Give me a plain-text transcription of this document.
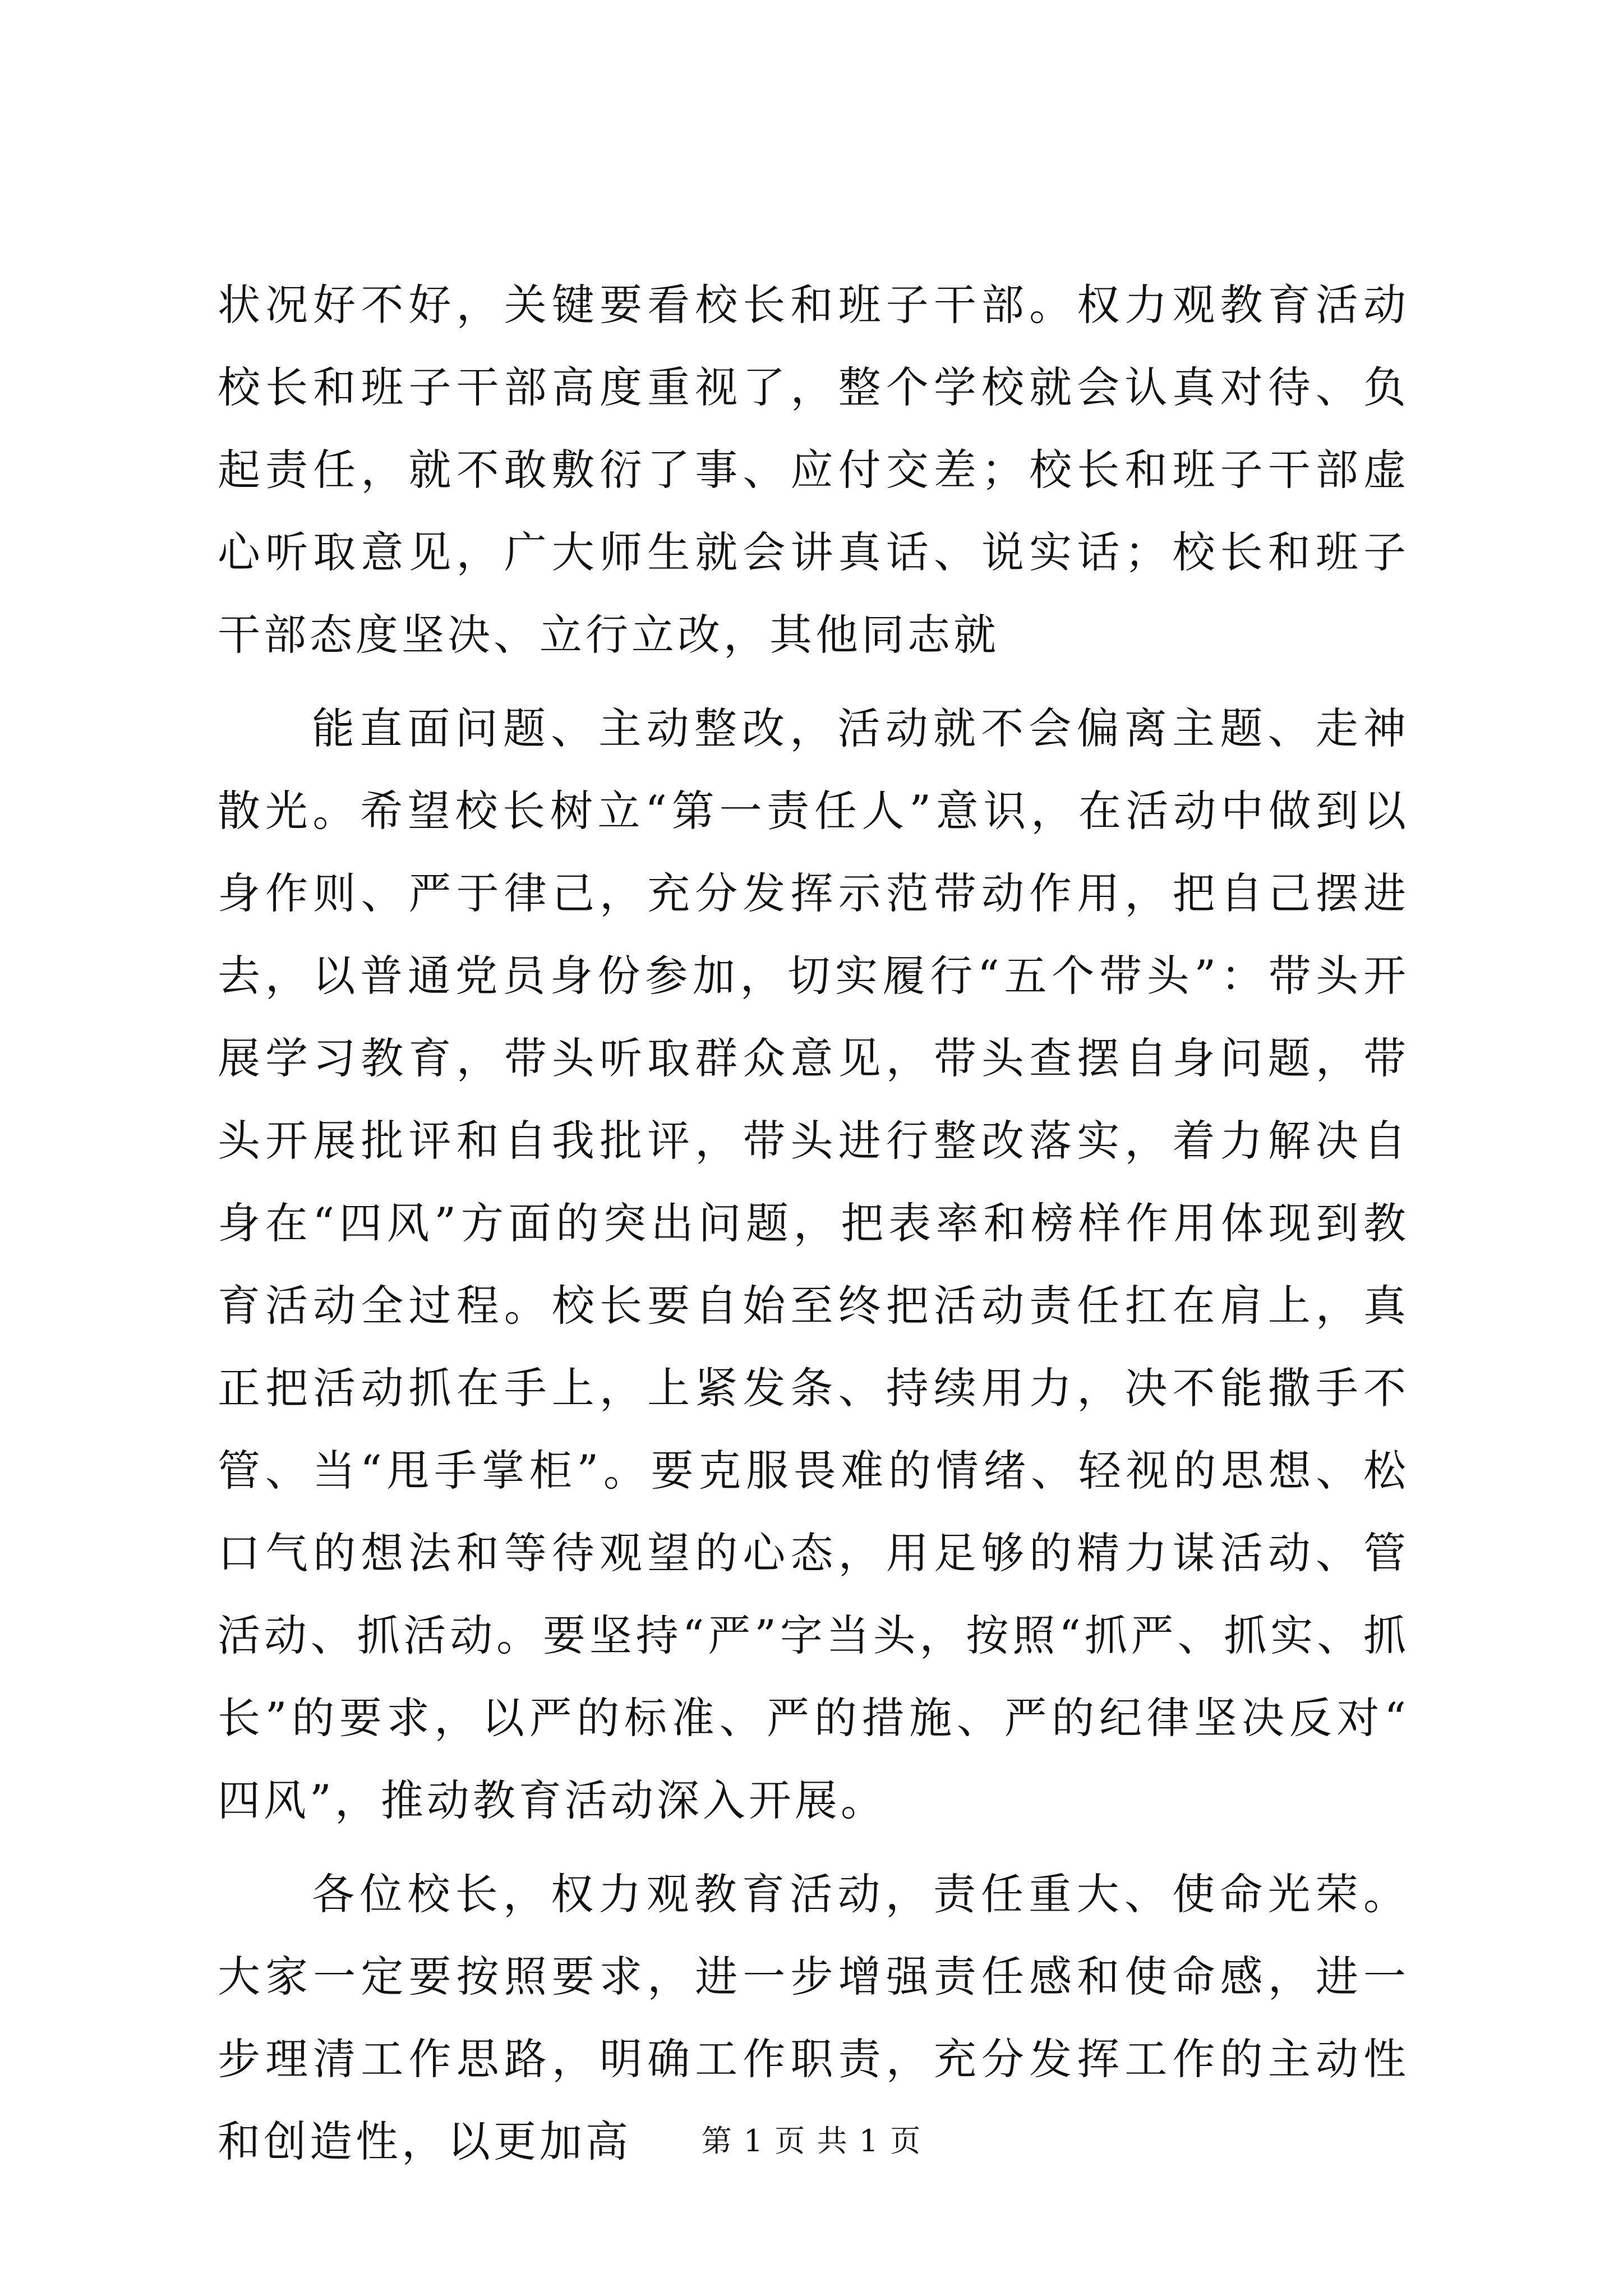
状况好不好，关键要看校长和班子干部。权力观教育活动校长和班子干部高度重视了，整个学校就会认真对待、负起责任，就不敢敷衍了事、应付交差；校长和班子干部虚心听取意见，广大师生就会讲真话、说实话；校长和班子干部态度坚决、立行立改，其他同志就

能直面问题、主动整改，活动就不会偏离主题、走神散光。希望校长树立“第一责任人”意识，在活动中做到以身作则、严于律己，充分发挥示范带动作用，把自己摆进去，以普通党员身份参加，切实履行“五个带头”：带头开展学习教育，带头听取群众意见，带头查摆自身问题，带头开展批评和自我批评，带头进行整改落实，着力解决自身在“四风”方面的突出问题，把表率和榜样作用体现到教育活动全过程。校长要自始至终把活动责任扛在肩上，真正把活动抓在手上，上紧发条、持续用力，决不能撒手不管、当“甩手掌柜”。要克服畏难的情绪、轻视的思想、松口气的想法和等待观望的心态，用足够的精力谋活动、管活动、抓活动。要坚持“严”字当头，按照“抓严、抓实、抓长”的要求，以严的标准、严的措施、严的纪律坚决反对“四风”，推动教育活动深入开展。

各位校长，权力观教育活动，责任重大、使命光荣。大家一定要按照要求，进一步增强责任感和使命感，进一步理清工作思路，明确工作职责，充分发挥工作的主动性和创造性，以更加高	第 1 页 共 1 页
